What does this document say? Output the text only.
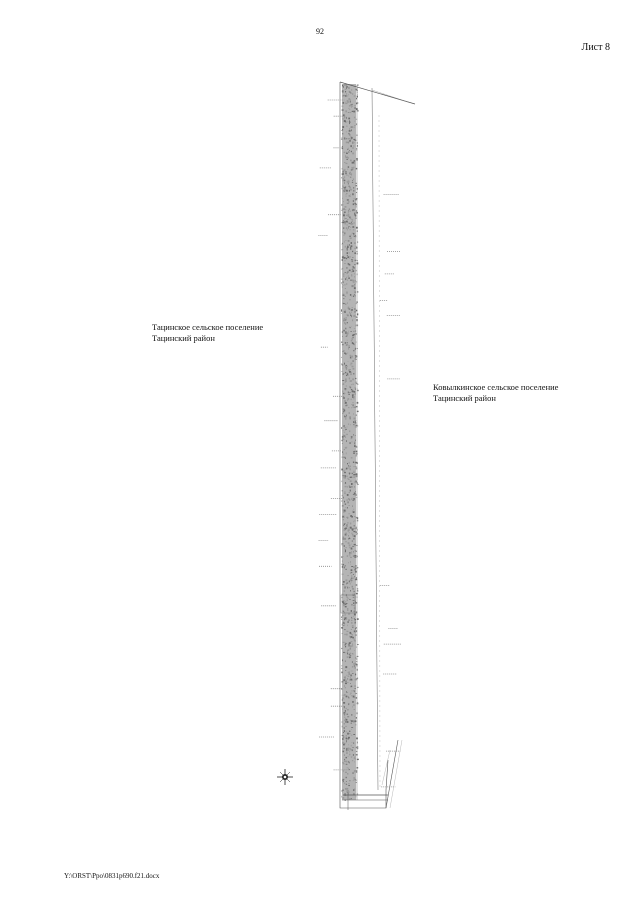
92
Лист 8
Тацинское сельское поселение
Тацинский район
Ковылкинское сельское поселение
Тацинский район
Y:\ORST\Ppo\0831p690.f21.docx
